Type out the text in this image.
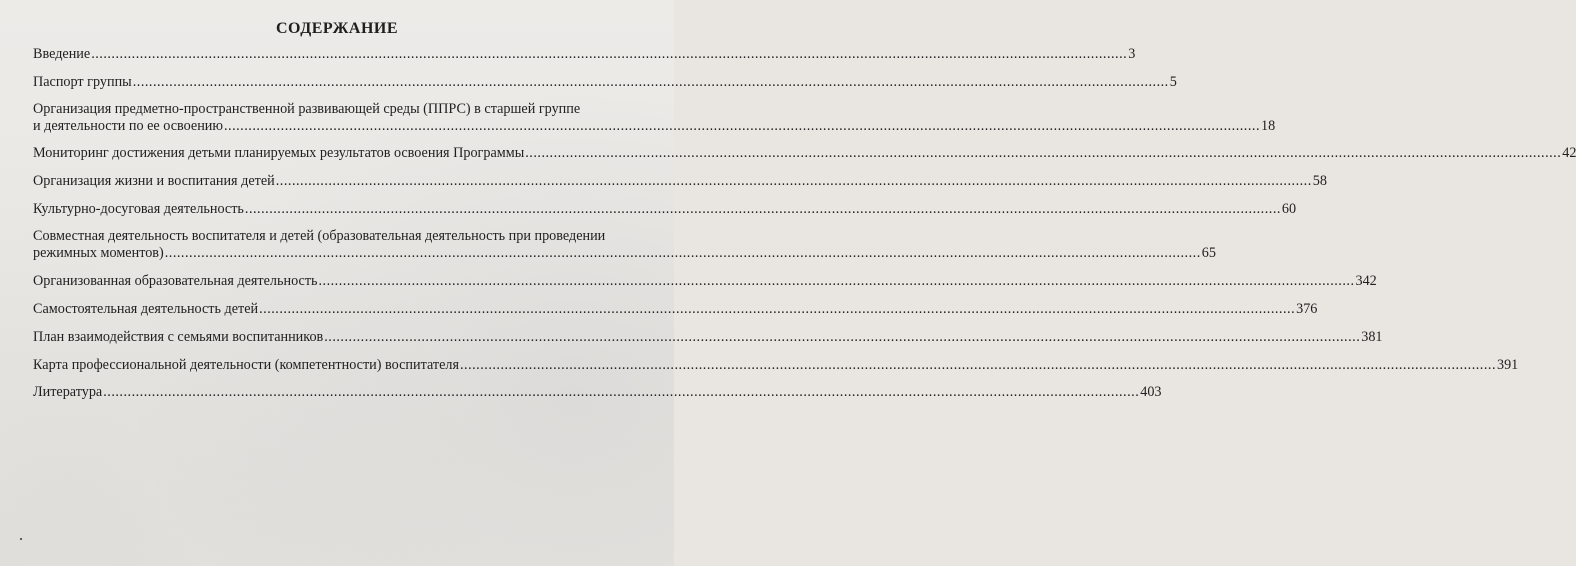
СОДЕРЖАНИЕ
Введение .....	3
Паспорт группы .....	5
Организация предметно-пространственной развивающей среды (ППРС) в старшей группе
и деятельности по ее освоению .....	18
Мониторинг достижения детьми планируемых результатов освоения Программы .....	42
Организация жизни и воспитания детей .....	58
Культурно-досуговая деятельность .....	60
Совместная деятельность воспитателя и детей (образовательная деятельность при проведении
режимных моментов) .....	65
Организованная образовательная деятельность .....	342
Самостоятельная деятельность детей .....	376
План взаимодействия с семьями воспитанников .....	381
Карта профессиональной деятельности (компетентности) воспитателя .....	391
Литература .....	403
